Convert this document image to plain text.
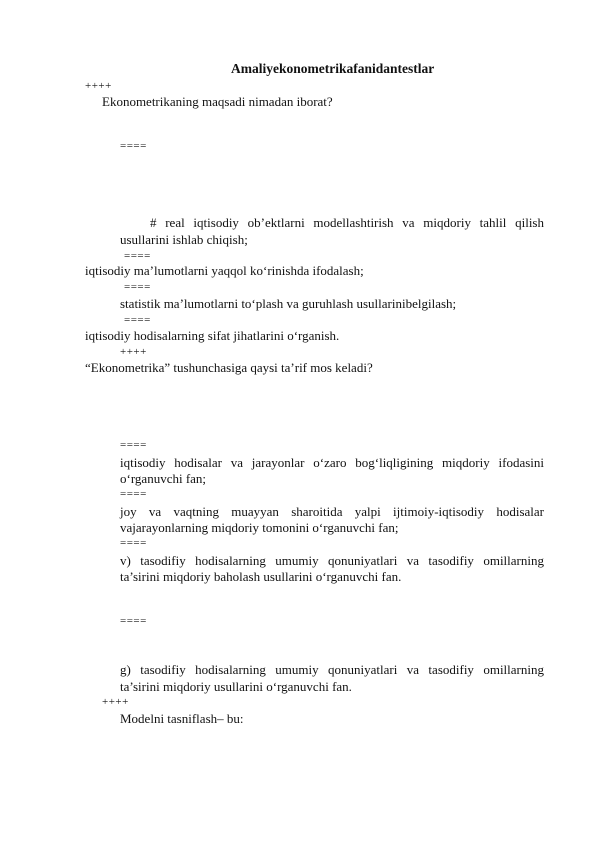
Amaliyekonometrikafanidantestlar

++++

Ekonometrikaning maqsadi nimadan iborat?

====

# real iqtisodiy ob’ektlarni modellashtirish va miqdoriy tahlil qilish

usullarini ishlab chiqish;

====

iqtisodiy ma’lumotlarni yaqqol ko‘rinishda ifodalash;

====

statistik ma’lumotlarni to‘plash va guruhlash usullarinibelgilash;

====

iqtisodiy hodisalarning sifat jihatlarini o‘rganish.

++++

“Ekonometrika” tushunchasiga qaysi ta’rif mos keladi?

====

iqtisodiy hodisalar va jarayonlar o‘zaro bog‘liqligining miqdoriy ifodasini

o‘rganuvchi fan;

====

joy va vaqtning muayyan sharoitida yalpi ijtimoiy-iqtisodiy hodisalar

vajarayonlarning miqdoriy tomonini o‘rganuvchi fan;

====

v) tasodifiy hodisalarning umumiy qonuniyatlari va tasodifiy omillarning

ta’sirini miqdoriy baholash usullarini o‘rganuvchi fan.

====

g) tasodifiy hodisalarning umumiy qonuniyatlari va tasodifiy omillarning

ta’sirini miqdoriy usullarini o‘rganuvchi fan.

++++

Modelni tasniflash– bu:
